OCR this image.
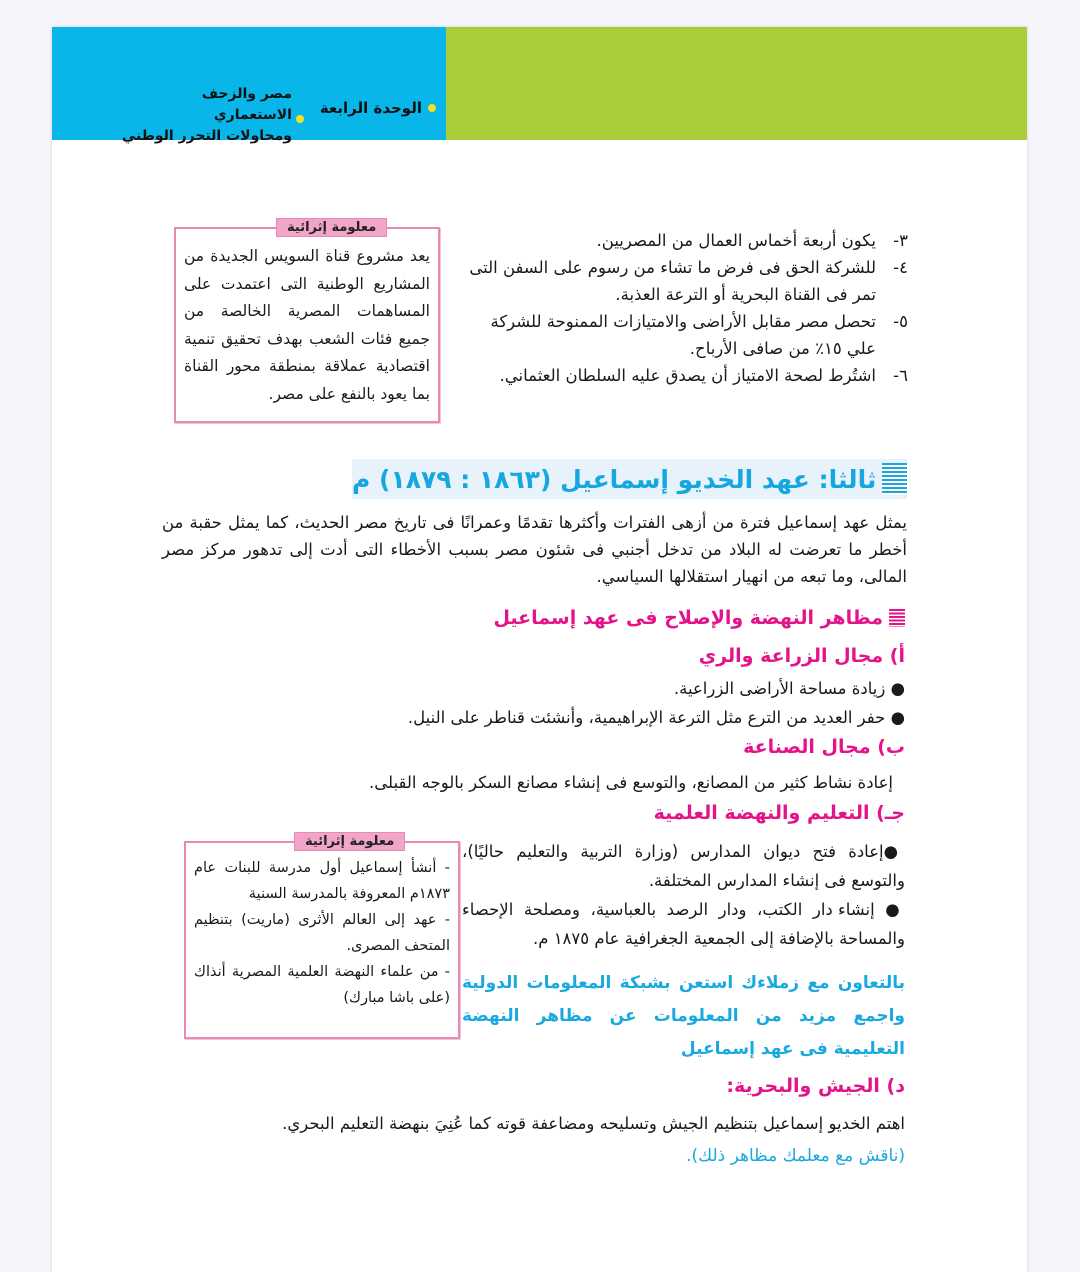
الوحدة الرابعة
مصر والزحف الاستعماري
ومحاولات التحرر الوطني
٣-
يكون أربعة أخماس العمال من المصريين.
٤-
للشركة الحق فى فرض ما تشاء من رسوم على السفن التى تمر فى القناة البحرية أو الترعة العذبة.
٥-
تحصل مصر مقابل الأراضى والامتيازات الممنوحة للشركة علي ١٥٪ من صافى الأرباح.
٦-
اشتُرط لصحة الامتياز أن يصدق عليه السلطان العثماني.
معلومة إثرائية
يعد مشروع قناة السويس الجديدة من المشاريع الوطنية التى اعتمدت على المساهمات المصرية الخالصة من جميع فئات الشعب بهدف تحقيق تنمية اقتصادية عملاقة بمنطقة محور القناة بما يعود بالنفع على مصر.
ثالثا: عهد الخديو إسماعيل (١٨٦٣ : ١٨٧٩) م
يمثل عهد إسماعيل فترة من أزهى الفترات وأكثرها تقدمًا وعمرانًا فى تاريخ مصر الحديث، كما يمثل حقبة من أخطر ما تعرضت له البلاد من تدخل أجنبي فى شئون مصر بسبب الأخطاء التى أدت إلى تدهور مركز مصر المالى، وما تبعه من انهيار استقلالها السياسي.
مظاهر النهضة والإصلاح فى عهد إسماعيل
أ) مجال الزراعة والري
● زيادة مساحة الأراضى الزراعية.
● حفر العديد من الترع مثل الترعة الإبراهيمية، وأنشئت قناطر على النيل.
ب) مجال الصناعة
إعادة نشاط كثير من المصانع، والتوسع فى إنشاء مصانع السكر بالوجه القبلى.
جـ) التعليم والنهضة العلمية
●إعادة فتح ديوان المدارس (وزارة التربية والتعليم حاليًا)، والتوسع فى إنشاء المدارس المختلفة.
● إنشاء دار الكتب، ودار الرصد بالعباسية، ومصلحة الإحصاء والمساحة بالإضافة إلى الجمعية الجغرافية عام ١٨٧٥ م.
بالتعاون مع زملاءك استعن بشبكة المعلومات الدولية واجمع مزيد من المعلومات عن مظاهر النهضة التعليمية فى عهد إسماعيل
معلومة إثرائية
- أنشأ إسماعيل أول مدرسة للبنات عام ١٨٧٣م المعروفة بالمدرسة السنية
- عهد إلى العالم الأثرى (ماريت) بتنظيم المتحف المصرى.
- من علماء النهضة العلمية المصرية أنذاك (على باشا مبارك)
د) الجيش والبحرية:
اهتم الخديو إسماعيل بتنظيم الجيش وتسليحه ومضاعفة قوته كما عُنِيَ بنهضة التعليم البحري.
(ناقش مع معلمك مظاهر ذلك).
